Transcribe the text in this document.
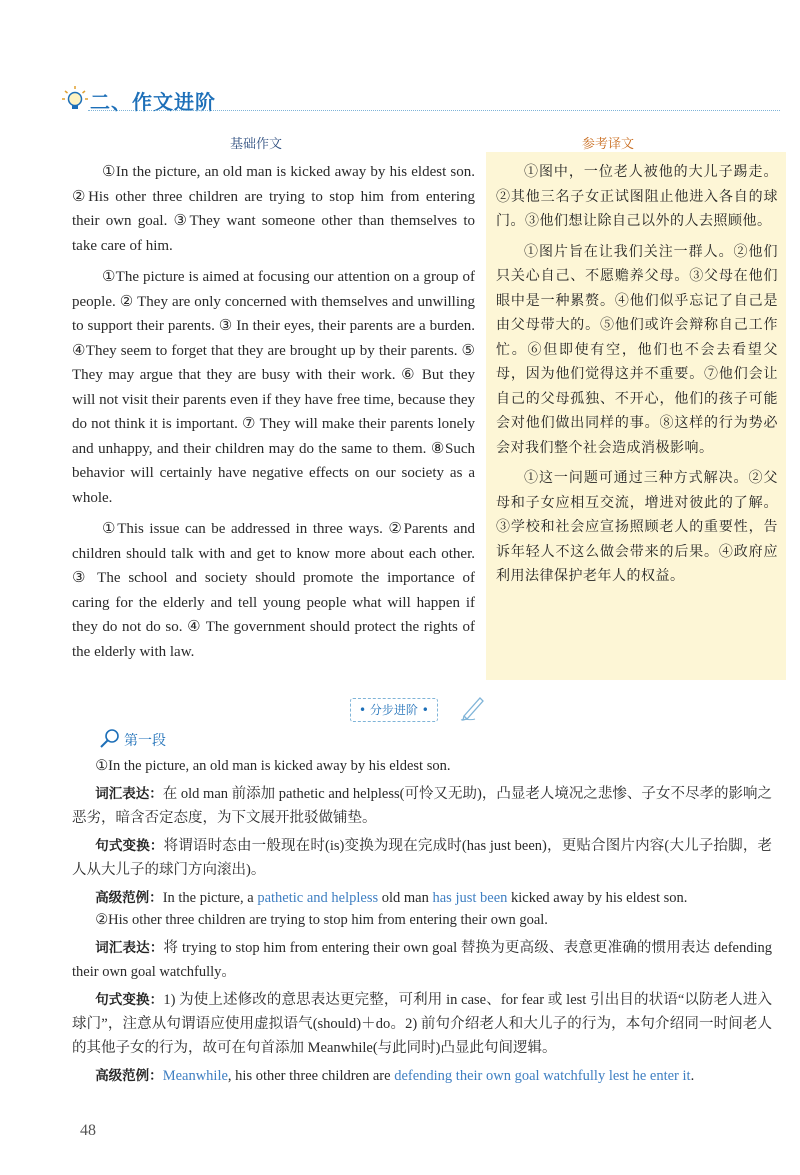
二、作文进阶
基础作文	参考译文

①In the picture, an old man is kicked away by his eldest son. ②His other three children are trying to stop him from entering their own goal. ③They want someone other than themselves to take care of him.

①The picture is aimed at focusing our attention on a group of people. ② They are only concerned with themselves and unwilling to support their parents. ③ In their eyes, their parents are a burden. ④They seem to forget that they are brought up by their parents. ⑤ They may argue that they are busy with their work. ⑥ But they will not visit their parents even if they have free time, because they do not think it is important. ⑦ They will make their parents lonely and unhappy, and their children may do the same to them. ⑧Such behavior will certainly have negative effects on our society as a whole.

①This issue can be addressed in three ways. ②Parents and children should talk with and get to know more about each other. ③ The school and society should promote the importance of caring for the elderly and tell young people what will happen if they do not do so. ④ The government should protect the rights of the elderly with law.

①图中，一位老人被他的大儿子踢走。②其他三名子女正试图阻止他进入各自的球门。③他们想让除自己以外的人去照顾他。

①图片旨在让我们关注一群人。②他们只关心自己、不愿赡养父母。③父母在他们眼中是一种累赘。④他们似乎忘记了自己是由父母带大的。⑤他们或许会辩称自己工作忙。⑥但即使有空，他们也不会去看望父母，因为他们觉得这并不重要。⑦他们会让自己的父母孤独、不开心，他们的孩子可能会对他们做出同样的事。⑧这样的行为势必会对我们整个社会造成消极影响。

①这一问题可通过三种方式解决。②父母和子女应相互交流，增进对彼此的了解。③学校和社会应宣扬照顾老人的重要性，告诉年轻人不这么做会带来的后果。④政府应利用法律保护老年人的权益。

• 分步进阶 •
第一段

①In the picture, an old man is kicked away by his eldest son.

词汇表达：在 old man 前添加 pathetic and helpless(可怜又无助)，凸显老人境况之悲惨、子女不尽孝的影响之恶劣，暗含否定态度，为下文展开批驳做铺垫。

句式变换：将谓语时态由一般现在时(is)变换为现在完成时(has just been)，更贴合图片内容(大儿子抬脚，老人从大儿子的球门方向滚出)。

高级范例：In the picture, a pathetic and helpless old man has just been kicked away by his eldest son.

②His other three children are trying to stop him from entering their own goal.

词汇表达：将 trying to stop him from entering their own goal 替换为更高级、表意更准确的惯用表达 defending their own goal watchfully。

句式变换：1) 为使上述修改的意思表达更完整，可利用 in case、for fear 或 lest 引出目的状语“以防老人进入球门”，注意从句谓语应使用虚拟语气(should)＋do。2) 前句介绍老人和大儿子的行为，本句介绍同一时间老人的其他子女的行为，故可在句首添加 Meanwhile(与此同时)凸显此句间逻辑。

高级范例：Meanwhile, his other three children are defending their own goal watchfully lest he enter it.

48
